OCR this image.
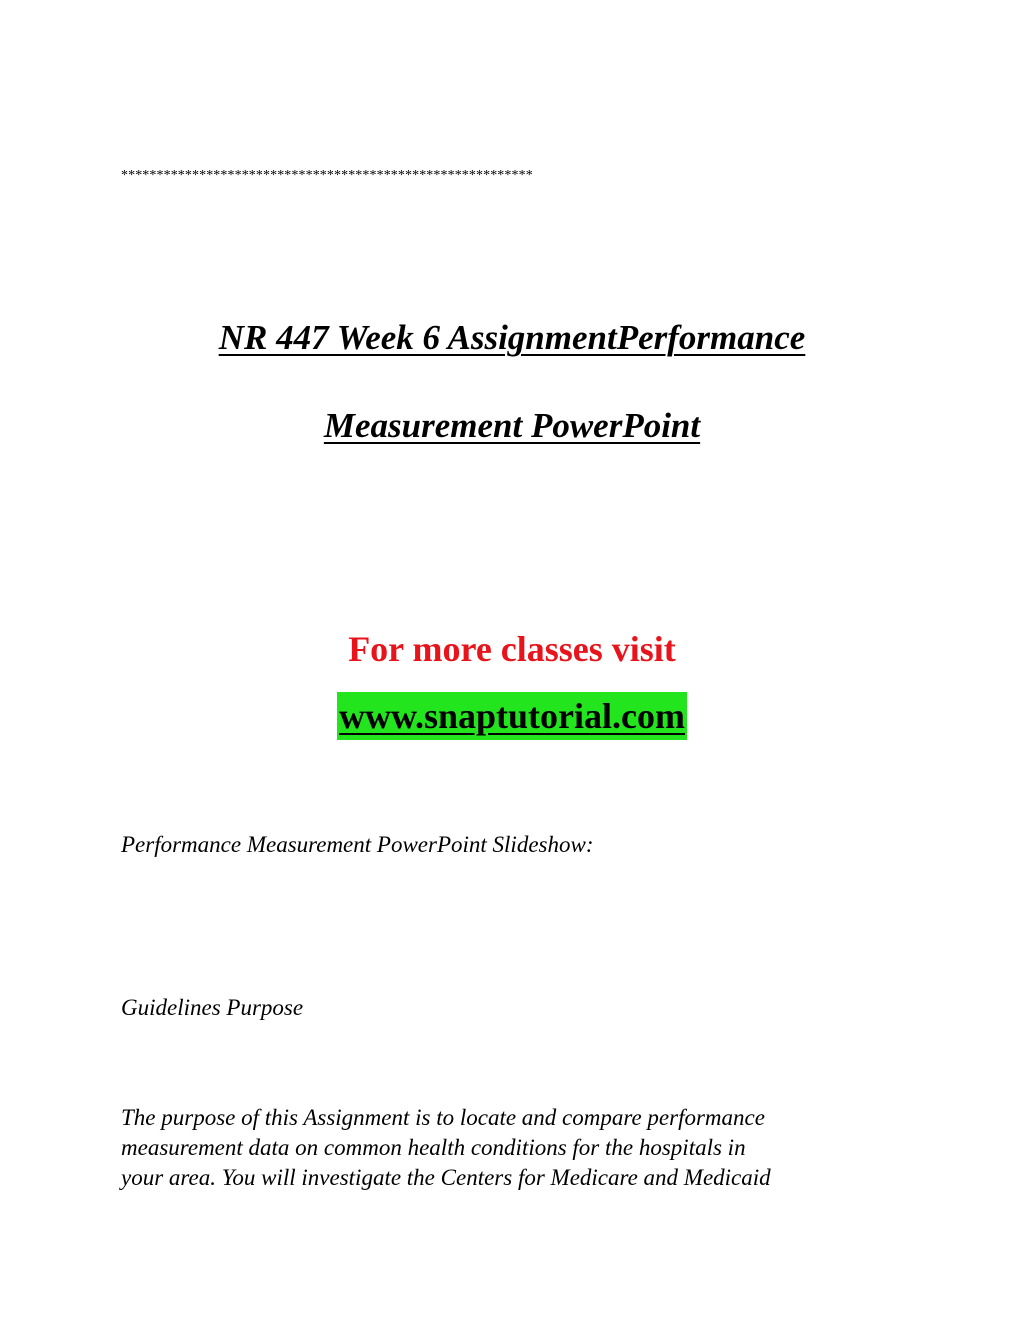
**********************************************************
NR 447 Week 6 AssignmentPerformance
Measurement PowerPoint
For more classes visit
www.snaptutorial.com
Performance Measurement PowerPoint Slideshow:
Guidelines Purpose
The purpose of this Assignment is to locate and compare performance
measurement data on common health conditions for the hospitals in
your area. You will investigate the Centers for Medicare and Medicaid
